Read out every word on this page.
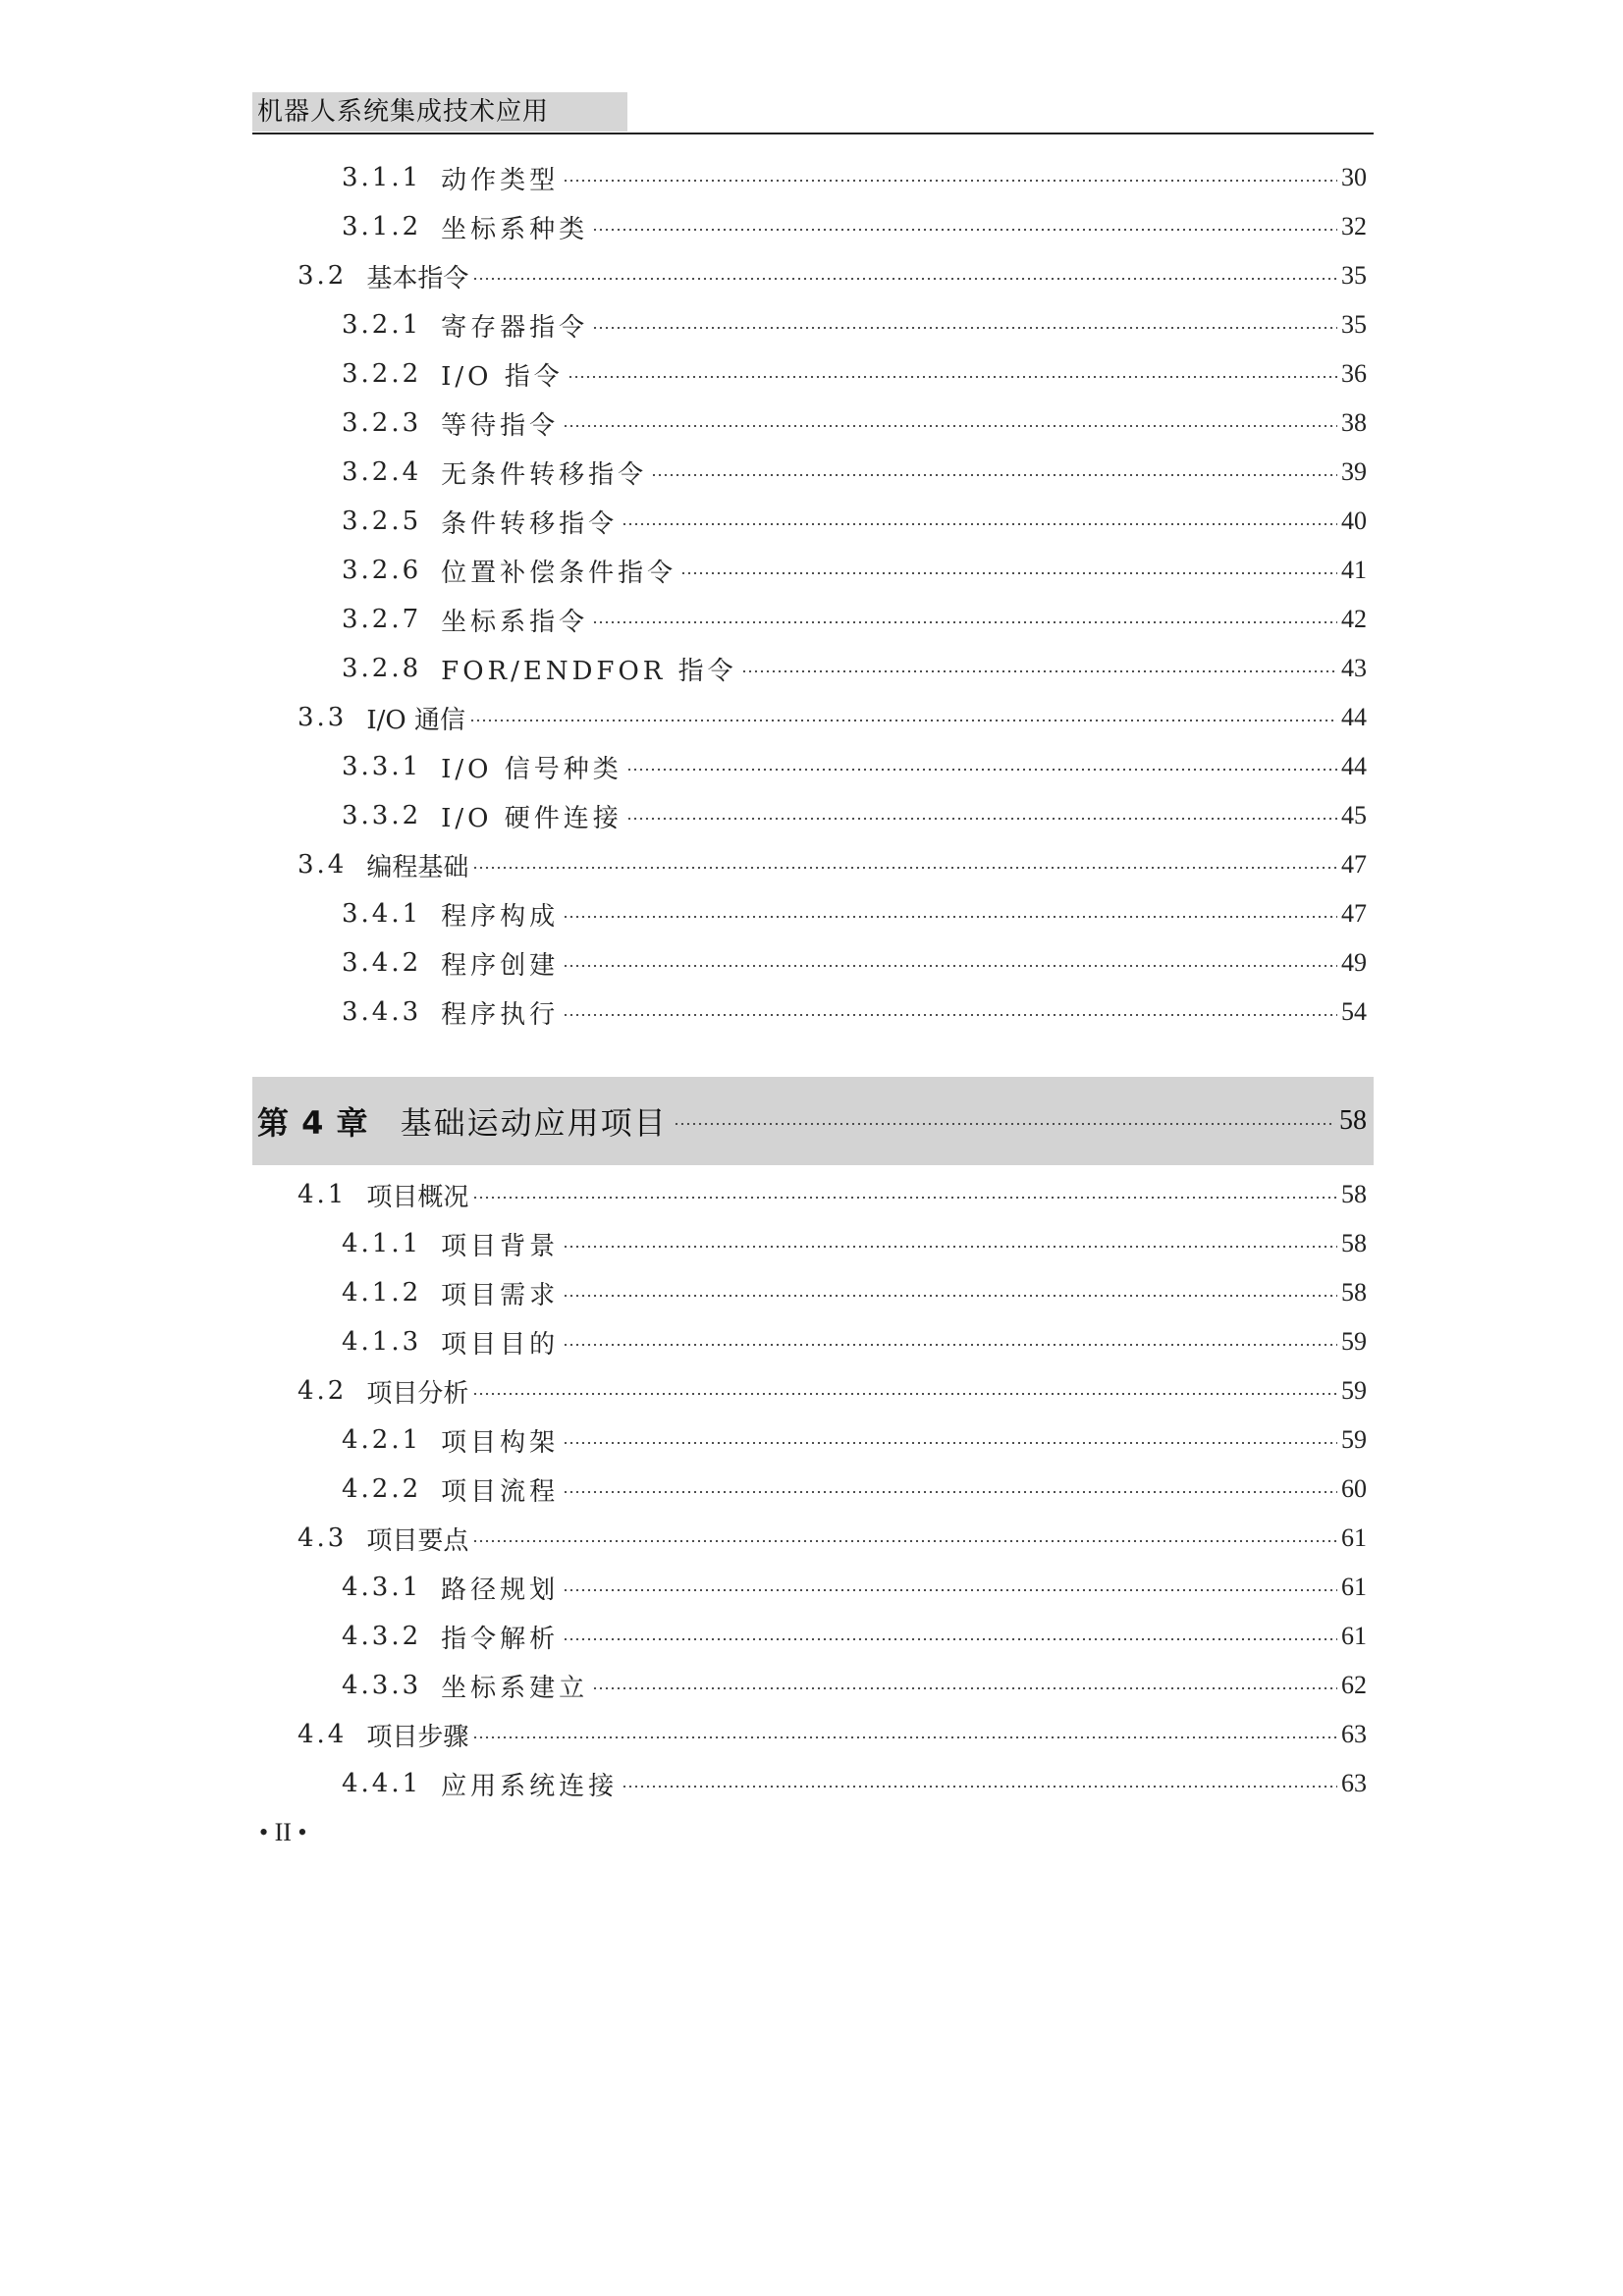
机器人系统集成技术应用
3.1.1 动作类型	30
3.1.2 坐标系种类	32
3.2 基本指令	35
3.2.1 寄存器指令	35
3.2.2 I/O 指令	36
3.2.3 等待指令	38
3.2.4 无条件转移指令	39
3.2.5 条件转移指令	40
3.2.6 位置补偿条件指令	41
3.2.7 坐标系指令	42
3.2.8 FOR/ENDFOR 指令	43
3.3 I/O 通信	44
3.3.1 I/O 信号种类	44
3.3.2 I/O 硬件连接	45
3.4 编程基础	47
3.4.1 程序构成	47
3.4.2 程序创建	49
3.4.3 程序执行	54
第 4 章 基础运动应用项目	58
4.1 项目概况	58
4.1.1 项目背景	58
4.1.2 项目需求	58
4.1.3 项目目的	59
4.2 项目分析	59
4.2.1 项目构架	59
4.2.2 项目流程	60
4.3 项目要点	61
4.3.1 路径规划	61
4.3.2 指令解析	61
4.3.3 坐标系建立	62
4.4 项目步骤	63
4.4.1 应用系统连接	63
• II •
